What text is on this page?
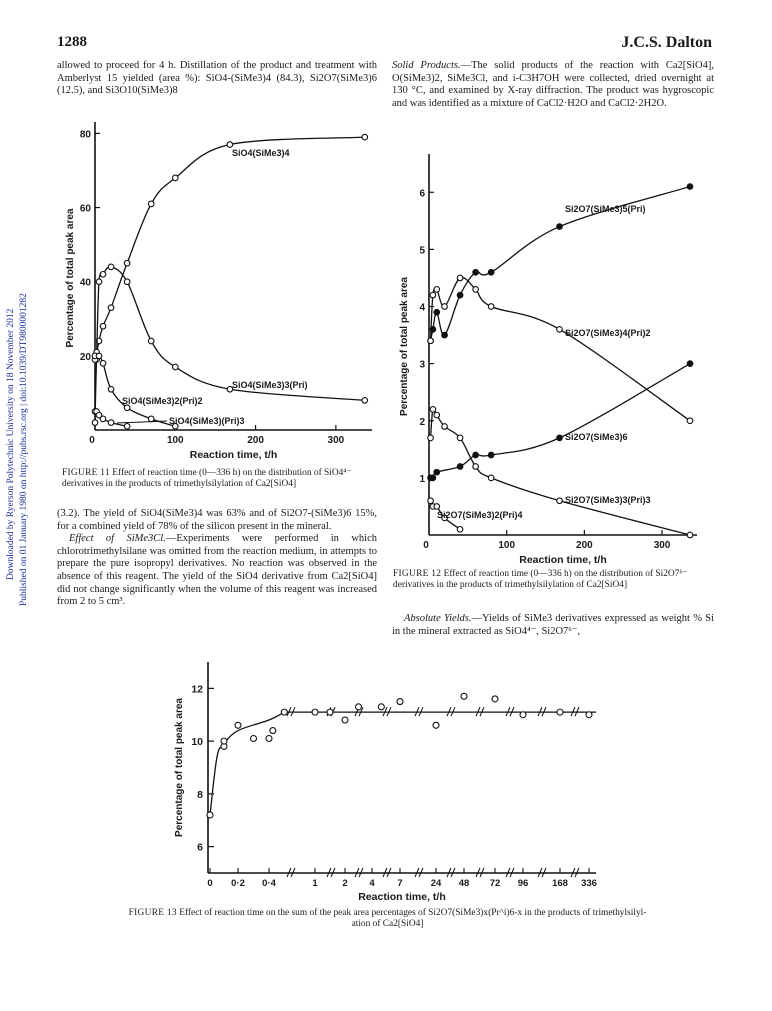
1288	J.C.S. Dalton
Downloaded by Ryerson Polytechnic University on 18 November 2012 Published on 01 January 1980 on http://pubs.rsc.org | doi:10.1039/DT9800001282

allowed to proceed for 4 h. Distillation of the product and treatment with Amberlyst 15 yielded (area %): SiO4-(SiMe3)4 (84.3), Si2O7(SiMe3)6 (12.5), and Si3O10(SiMe3)8

Solid Products.—The solid products of the reaction with Ca2[SiO4], O(SiMe3)2, SiMe3Cl, and i-C3H7OH were collected, dried overnight at 130 °C, and examined by X-ray diffraction. The product was hygroscopic and was identified as a mixture of CaCl2·H2O and CaCl2·2H2O.

100	200	300
0
20
40
60
80
Reaction time, t/h
Percentage of total peak area
SiO4(SiMe3)4
SiO4(SiMe3)3(Pri)
SiO4(SiMe3)2(Pri)2
SiO4(SiMe3)(Pri)3
FIGURE 11 Effect of reaction time (0—336 h) on the distribution of SiO4⁴⁻ derivatives in the products of trimethylsilylation of Ca2[SiO4]

(3.2). The yield of SiO4(SiMe3)4 was 63% and of Si2O7-(SiMe3)6 15%, for a combined yield of 78% of the silicon present in the mineral.

Effect of SiMe3Cl.—Experiments were performed in which chlorotrimethylsilane was omitted from the reaction medium, in attempts to prepare the pure isopropyl derivatives. No reaction was observed in the absence of this reagent. The yield of the SiO4 derivative from Ca2[SiO4] did not change significantly when the volume of this reagent was increased from 2 to 5 cm³.

100	200	300
0
1
2
3
4
5
6
Reaction time, t/h
Percentage of total peak area
Si2O7(SiMe3)5(Pri)
Si2O7(SiMe3)4(Pri)2
Si2O7(SiMe3)6
Si2O7(SiMe3)3(Pri)3
Si2O7(SiMe3)2(Pri)4
FIGURE 12 Effect of reaction time (0—336 h) on the distribution of Si2O7⁶⁻ derivatives in the products of trimethylsilylation of Ca2[SiO4]

Absolute Yields.—Yields of SiMe3 derivatives expressed as weight % Si in the mineral extracted as SiO4⁴⁻, Si2O7⁶⁻,

6
8
10
12
0 0·2 0·4	1	2 4 7	24 48 72 96	168 336
Reaction time, t/h
Percentage of total peak area
FIGURE 13 Effect of reaction time on the sum of the peak area percentages of Si2O7(SiMe3)x(Pr^i)6-x in the products of trimethylsilyl-
ation of Ca2[SiO4]
